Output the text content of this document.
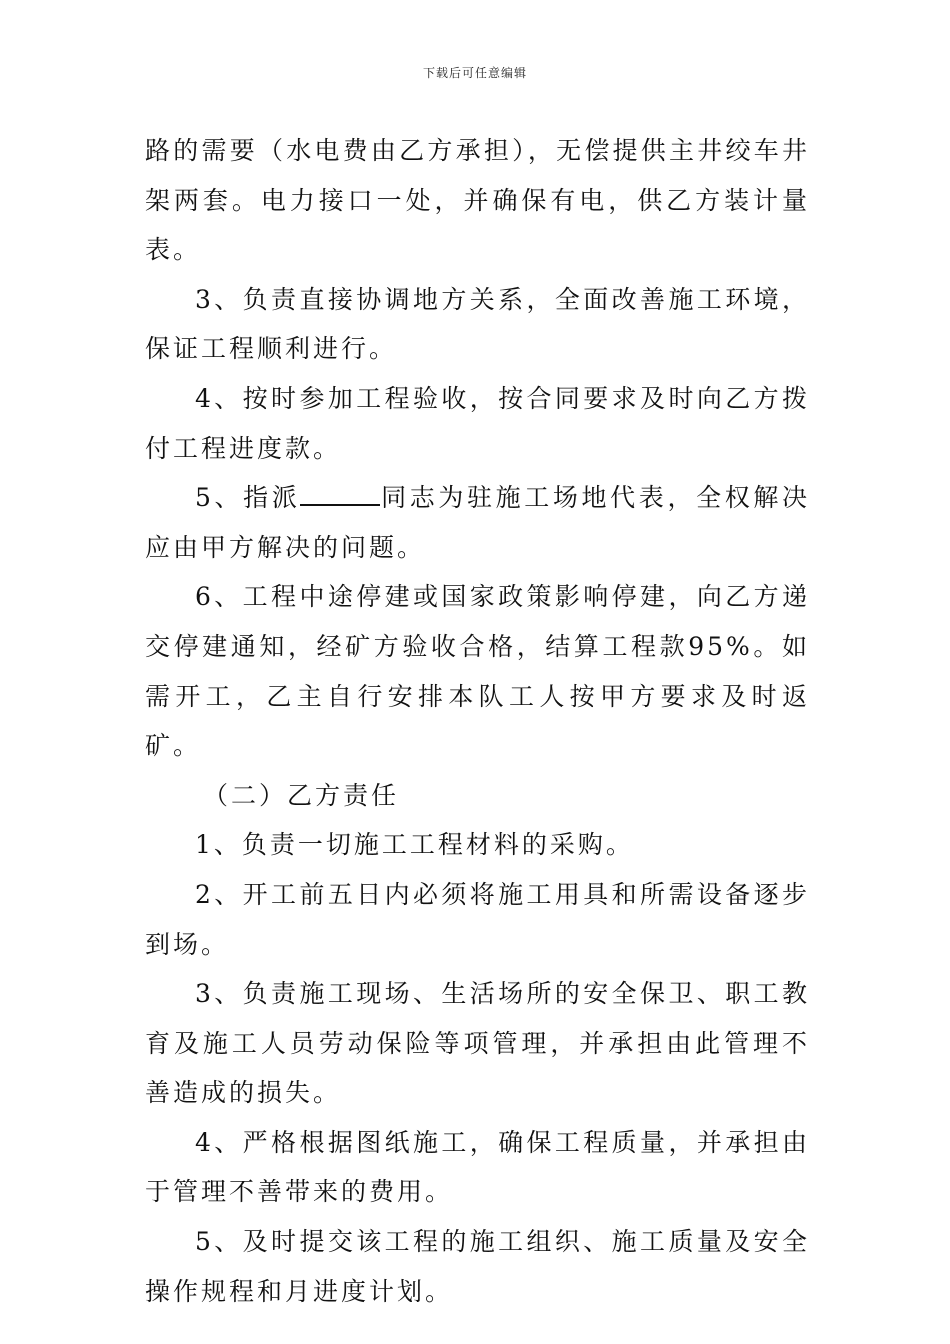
下载后可任意编辑

路的需要（水电费由乙方承担），无偿提供主井绞车井架两套。电力接口一处，并确保有电，供乙方装计量表。

3、负责直接协调地方关系，全面改善施工环境，保证工程顺利进行。

4、按时参加工程验收，按合同要求及时向乙方拨付工程进度款。

5、指派	同志为驻施工场地代表，全权解决应由甲方解决的问题。

6、工程中途停建或国家政策影响停建，向乙方递交停建通知，经矿方验收合格，结算工程款95%。如需开工，乙主自行安排本队工人按甲方要求及时返矿。

（二）乙方责任

1、负责一切施工工程材料的采购。

2、开工前五日内必须将施工用具和所需设备逐步到场。

3、负责施工现场、生活场所的安全保卫、职工教育及施工人员劳动保险等项管理，并承担由此管理不善造成的损失。

4、严格根据图纸施工，确保工程质量，并承担由于管理不善带来的费用。

5、及时提交该工程的施工组织、施工质量及安全操作规程和月进度计划。
